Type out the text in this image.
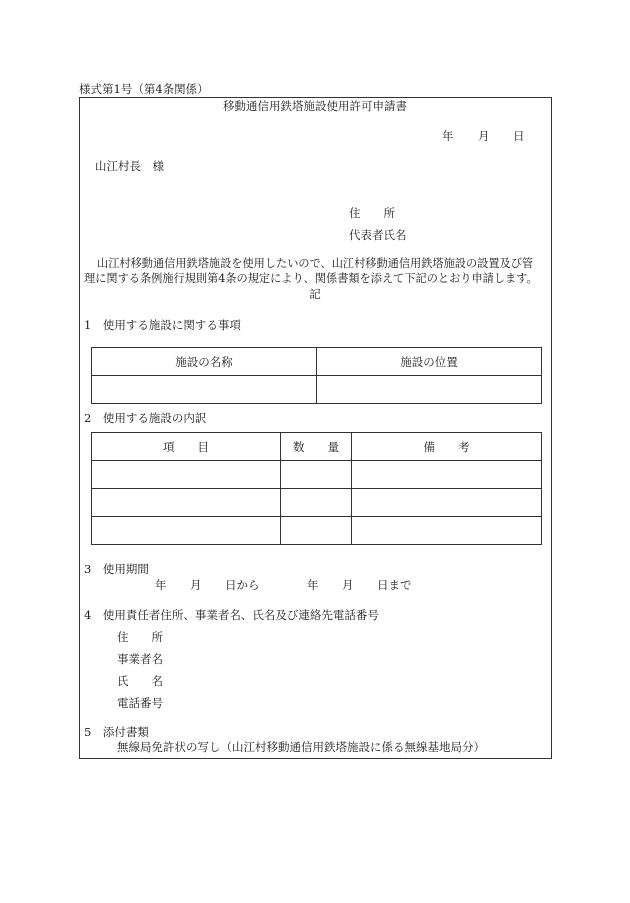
様式第1号（第4条関係）
移動通信用鉄塔施設使用許可申請書
年 月 日
山江村長　様
住　　所
代表者氏名
山江村移動通信用鉄塔施設を使用したいので、山江村移動通信用鉄塔施設の設置及び管
理に関する条例施行規則第4条の規定により、関係書類を添えて下記のとおり申請します。
記
1　使用する施設に関する事項
施設の名称	施設の位置

2　使用する施設の内訳
項　　目	数　　量	備　　考

3　使用期間
年 月 日から	年 月 日まで
4　使用責任者住所、事業者名、氏名及び連絡先電話番号
住　　所
事業者名
氏　　名
電話番号
5　添付書類
無線局免許状の写し（山江村移動通信用鉄塔施設に係る無線基地局分）
